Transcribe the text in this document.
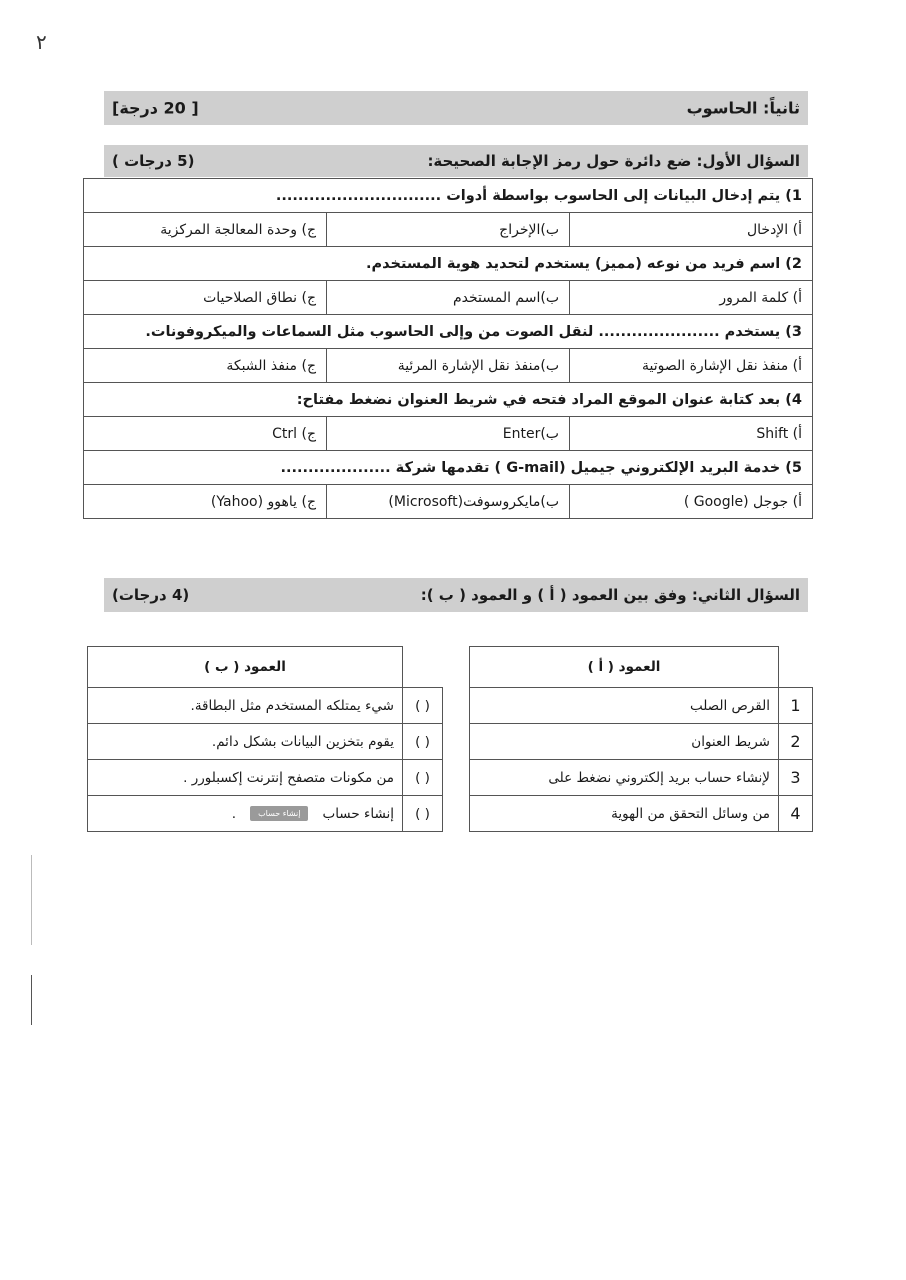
٢
ثانياً: الحاسوب
[ 20 درجة]
السؤال الأول: ضع دائرة حول رمز الإجابة الصحيحة:
(5 درجات )
1) يتم إدخال البيانات إلى الحاسوب بواسطة أدوات ..............................		
أ) الإدخال	ب)الإخراج	ج) وحدة المعالجة المركزية
2) اسم فريد من نوعه (مميز) يستخدم لتحديد هوية المستخدم.		
أ) كلمة المرور	ب)اسم المستخدم	ج) نطاق الصلاحيات
3) يستخدم ...................... لنقل الصوت من وإلى الحاسوب مثل السماعات والميكروفونات.		
أ) منفذ نقل الإشارة الصوتية	ب)منفذ نقل الإشارة المرئية	ج) منفذ الشبكة
4) بعد كتابة عنوان الموقع المراد فتحه في شريط العنوان نضغط مفتاح:		
أ) Shift	ب)Enter	ج) Ctrl
5) خدمة البريد الإلكتروني جيميل (G-mail ) تقدمها شركة ....................		
أ) جوجل (Google )	ب)مايكروسوفت(Microsoft)	ج) ياهوو (Yahoo)
السؤال الثاني: وفق بين العمود ( أ ) و العمود ( ب ):
(4 درجات)
	العمود ( أ )
1	القرص الصلب
2	شريط العنوان
3	لإنشاء حساب بريد إلكتروني نضغط على
4	من وسائل التحقق من الهوية
	العمود ( ب )
( )	شيء يمتلكه المستخدم مثل البطاقة.
( )	يقوم بتخزين البيانات بشكل دائم.
( )	من مكونات متصفح إنترنت إكسبلورر .
( )	إنشاء حسابإنشاء حساب.
